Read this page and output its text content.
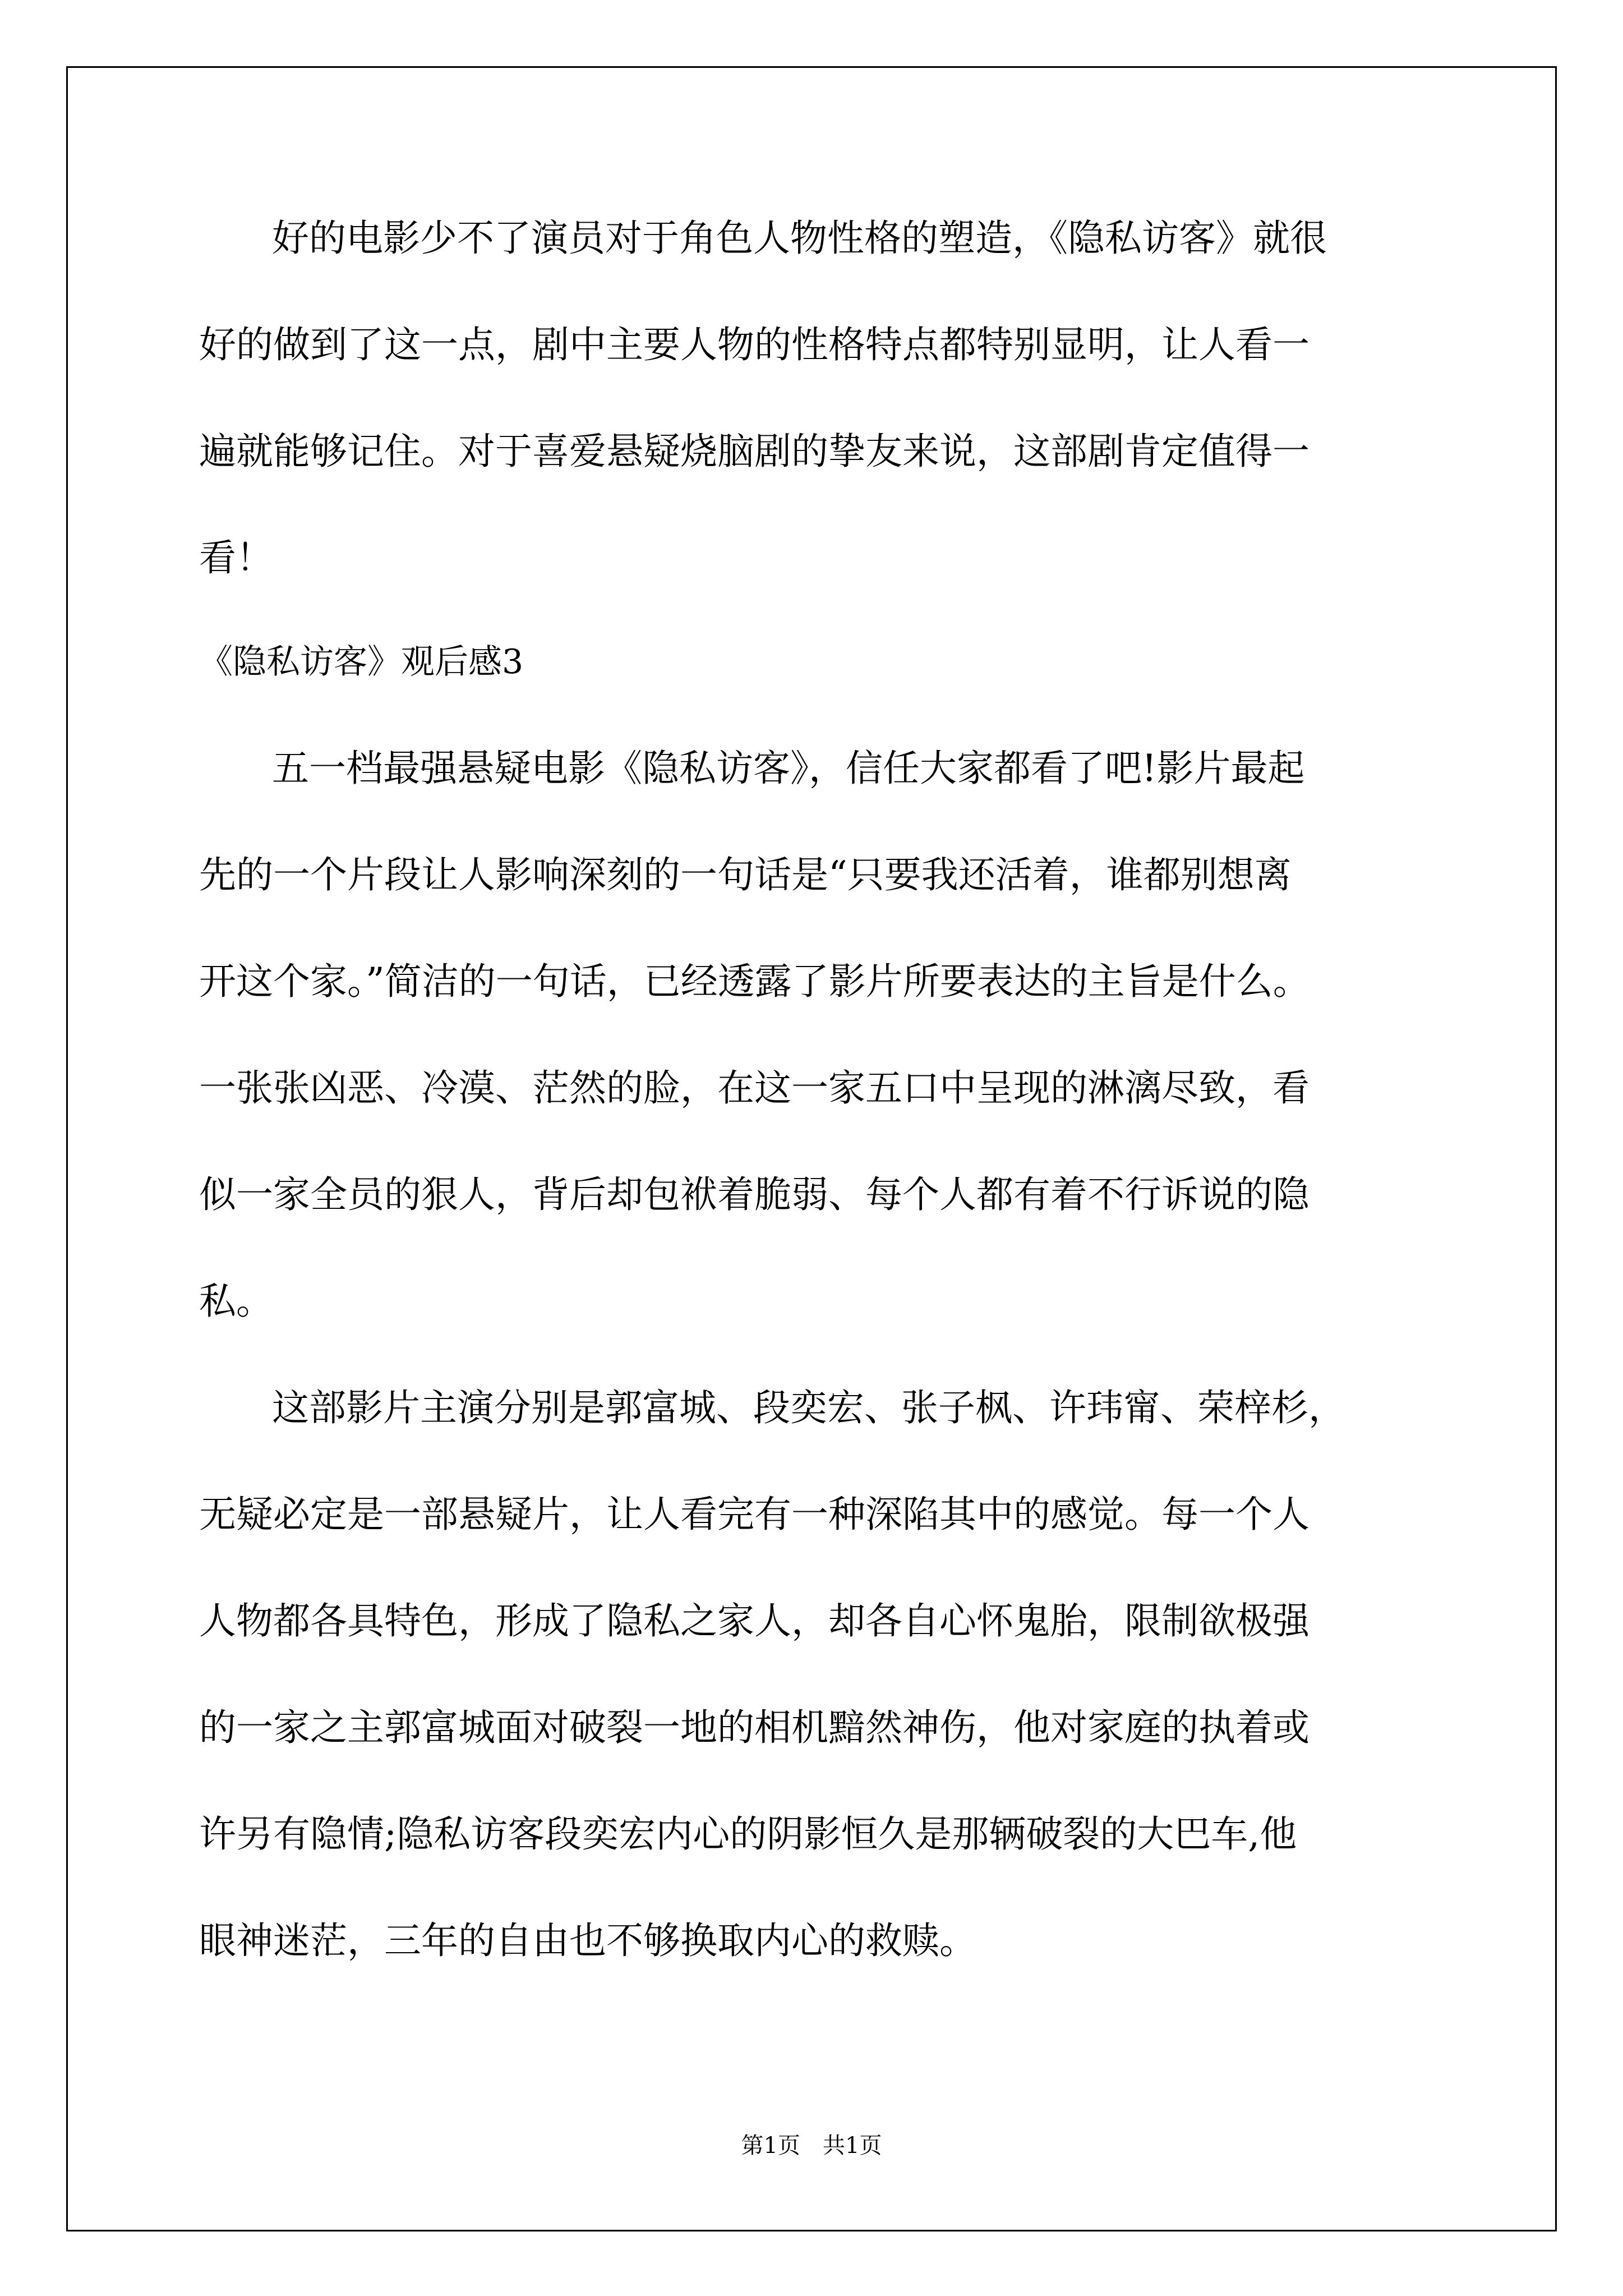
好的电影少不了演员对于角色人物性格的塑造，《隐私访客》就很
好的做到了这一点，剧中主要人物的性格特点都特别显明，让人看一
遍就能够记住。对于喜爱悬疑烧脑剧的挚友来说，这部剧肯定值得一
看！
《隐私访客》观后感3
五一档最强悬疑电影《隐私访客》，信任大家都看了吧!影片最起
先的一个片段让人影响深刻的一句话是“只要我还活着，谁都别想离
开这个家。”简洁的一句话，已经透露了影片所要表达的主旨是什么。
一张张凶恶、冷漠、茫然的脸，在这一家五口中呈现的淋漓尽致，看
似一家全员的狠人，背后却包袱着脆弱、每个人都有着不行诉说的隐
私。
这部影片主演分别是郭富城、段奕宏、张子枫、许玮甯、荣梓杉，
无疑必定是一部悬疑片，让人看完有一种深陷其中的感觉。每一个人
人物都各具特色，形成了隐私之家人，却各自心怀鬼胎，限制欲极强
的一家之主郭富城面对破裂一地的相机黯然神伤，他对家庭的执着或
许另有隐情;隐私访客段奕宏内心的阴影恒久是那辆破裂的大巴车,他
眼神迷茫，三年的自由也不够换取内心的救赎。
第1页　共1页
